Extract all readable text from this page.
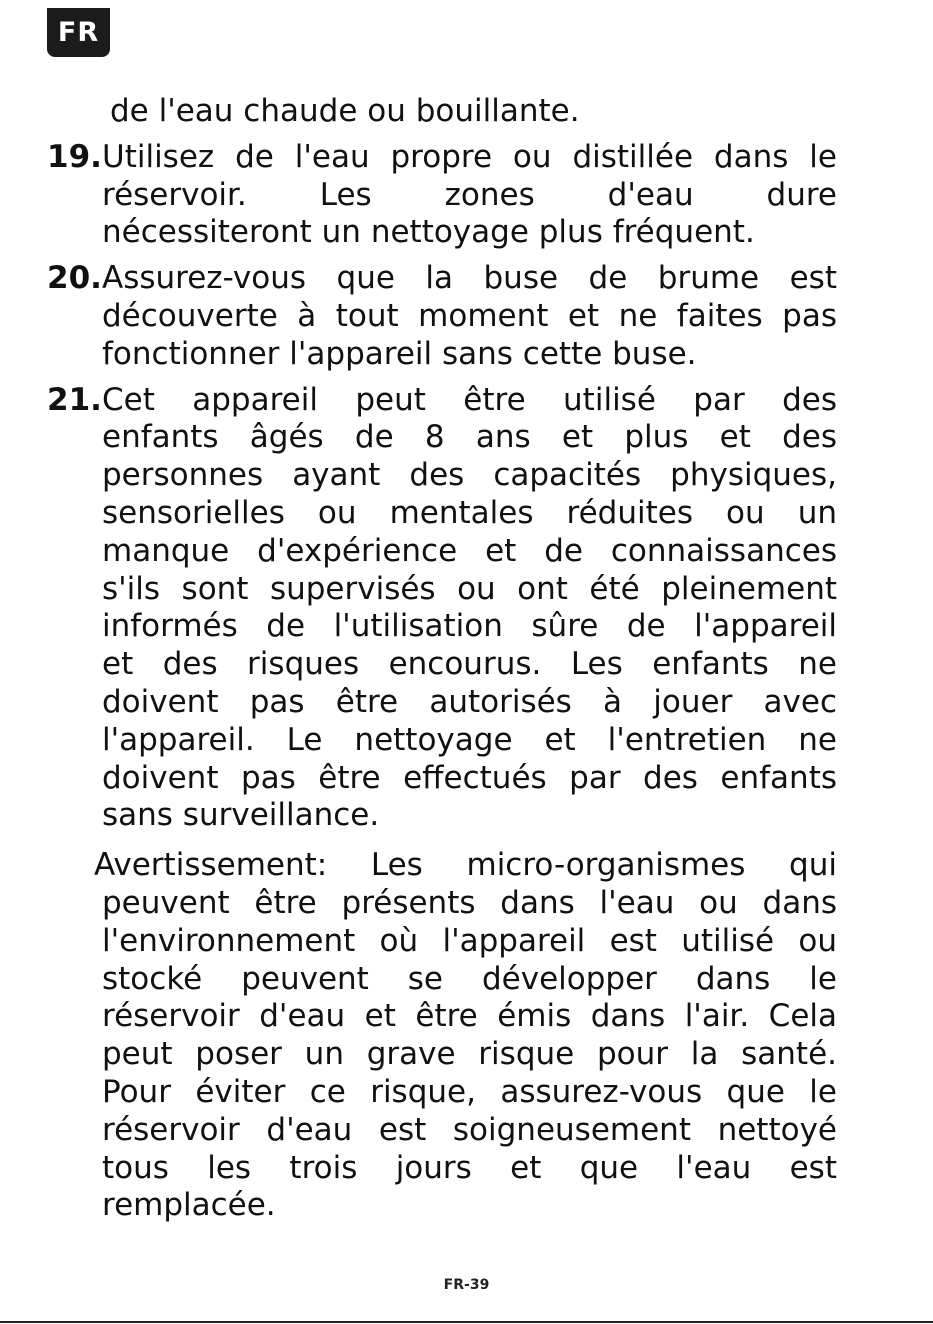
FR
de l'eau chaude ou bouillante.
19. Utilisez de l'eau propre ou distillée dans le
réservoir. Les zones d'eau dure
nécessiteront un nettoyage plus fréquent.
20. Assurez-vous que la buse de brume est
découverte à tout moment et ne faites pas
fonctionner l'appareil sans cette buse.
21. Cet appareil peut être utilisé par des
enfants âgés de 8 ans et plus et des
personnes ayant des capacités physiques,
sensorielles ou mentales réduites ou un
manque d'expérience et de connaissances
s'ils sont supervisés ou ont été pleinement
informés de l'utilisation sûre de l'appareil
et des risques encourus. Les enfants ne
doivent pas être autorisés à jouer avec
l'appareil. Le nettoyage et l'entretien ne
doivent pas être effectués par des enfants
sans surveillance.
Avertissement: Les micro-organismes qui
peuvent être présents dans l'eau ou dans
l'environnement où l'appareil est utilisé ou
stocké peuvent se développer dans le
réservoir d'eau et être émis dans l'air. Cela
peut poser un grave risque pour la santé.
Pour éviter ce risque, assurez-vous que le
réservoir d'eau est soigneusement nettoyé
tous les trois jours et que l'eau est
remplacée.
FR-39
